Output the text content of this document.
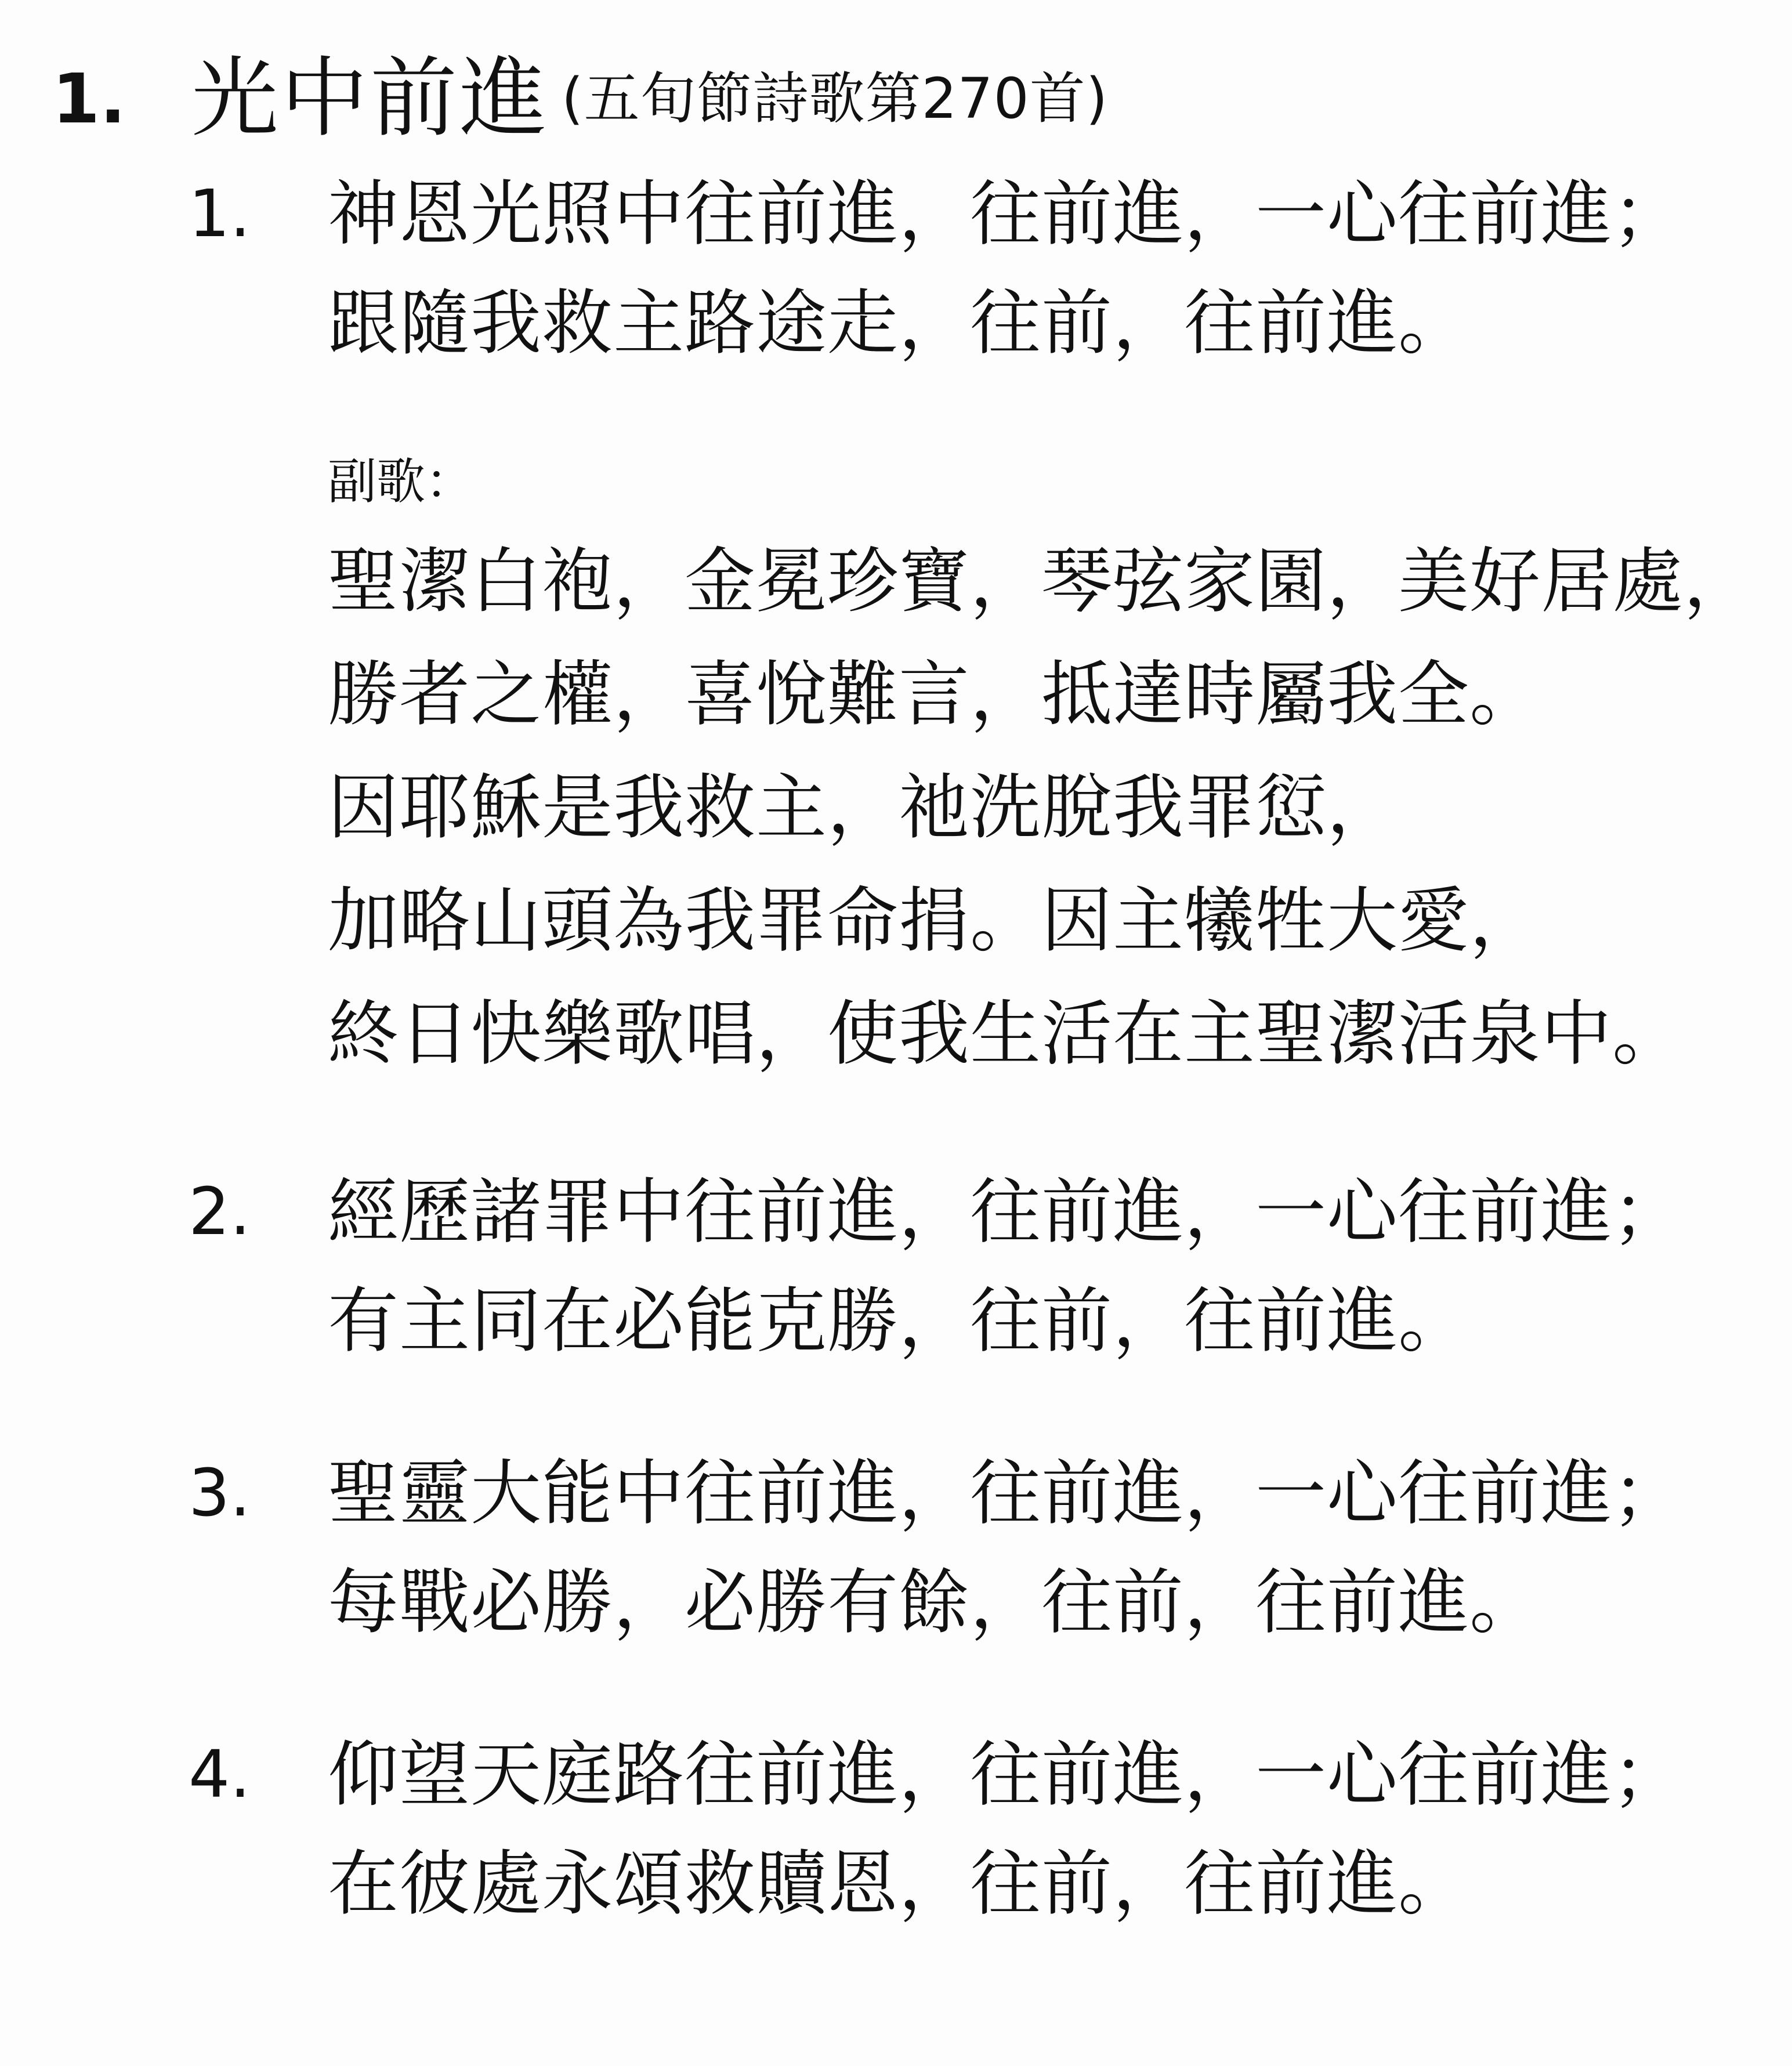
1. 光中前進 (五旬節詩歌第270首)
1.	神恩光照中往前進，往前進，一心往前進；
跟隨我救主路途走，往前，往前進。
副歌：
聖潔白袍，金冕珍寶，琴弦家園，美好居處，
勝者之權，喜悅難言，抵達時屬我全。
因耶穌是我救主，祂洗脫我罪愆，
加略山頭為我罪命捐。因主犧牲大愛，
終日快樂歌唱，使我生活在主聖潔活泉中。
2.	經歷諸罪中往前進，往前進，一心往前進；
有主同在必能克勝，往前，往前進。
3.	聖靈大能中往前進，往前進，一心往前進；
每戰必勝，必勝有餘，往前，往前進。
4.	仰望天庭路往前進，往前進，一心往前進；
在彼處永頌救贖恩，往前，往前進。
